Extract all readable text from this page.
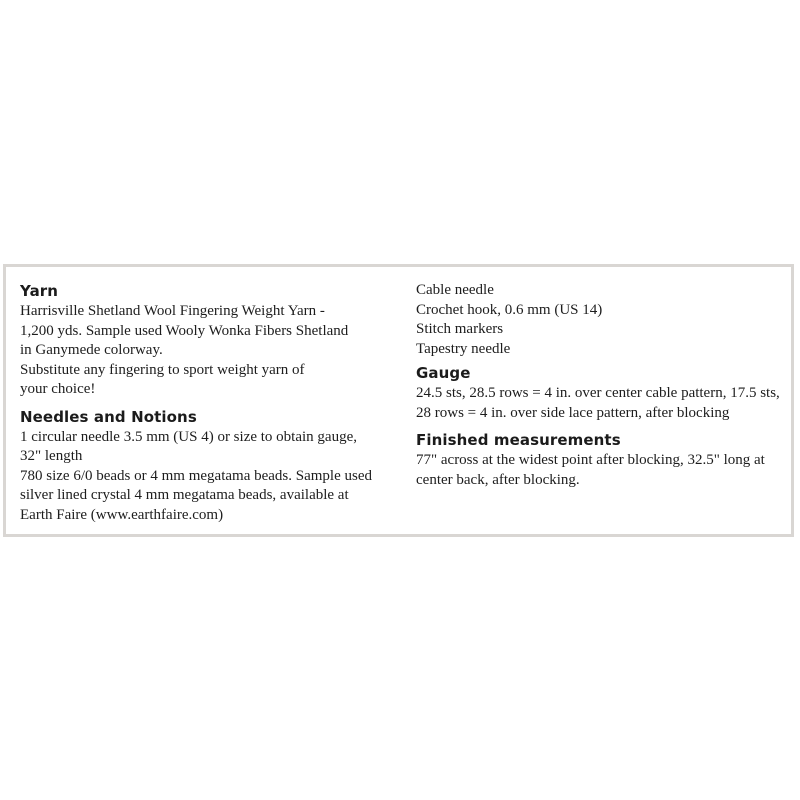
Yarn

Harrisville Shetland Wool Fingering Weight Yarn -

1,200 yds. Sample used Wooly Wonka Fibers Shetland

in Ganymede colorway.

Substitute any fingering to sport weight yarn of

your choice!

Needles and Notions

1 circular needle 3.5 mm (US 4) or size to obtain gauge,

32" length

780 size 6/0 beads or 4 mm megatama beads. Sample used

silver lined crystal 4 mm megatama beads, available at

Earth Faire (www.earthfaire.com)

Cable needle

Crochet hook, 0.6 mm (US 14)

Stitch markers

Tapestry needle

Gauge

24.5 sts, 28.5 rows = 4 in. over center cable pattern, 17.5 sts,

28 rows = 4 in. over side lace pattern, after blocking

Finished measurements

77" across at the widest point after blocking, 32.5" long at

center back, after blocking.
